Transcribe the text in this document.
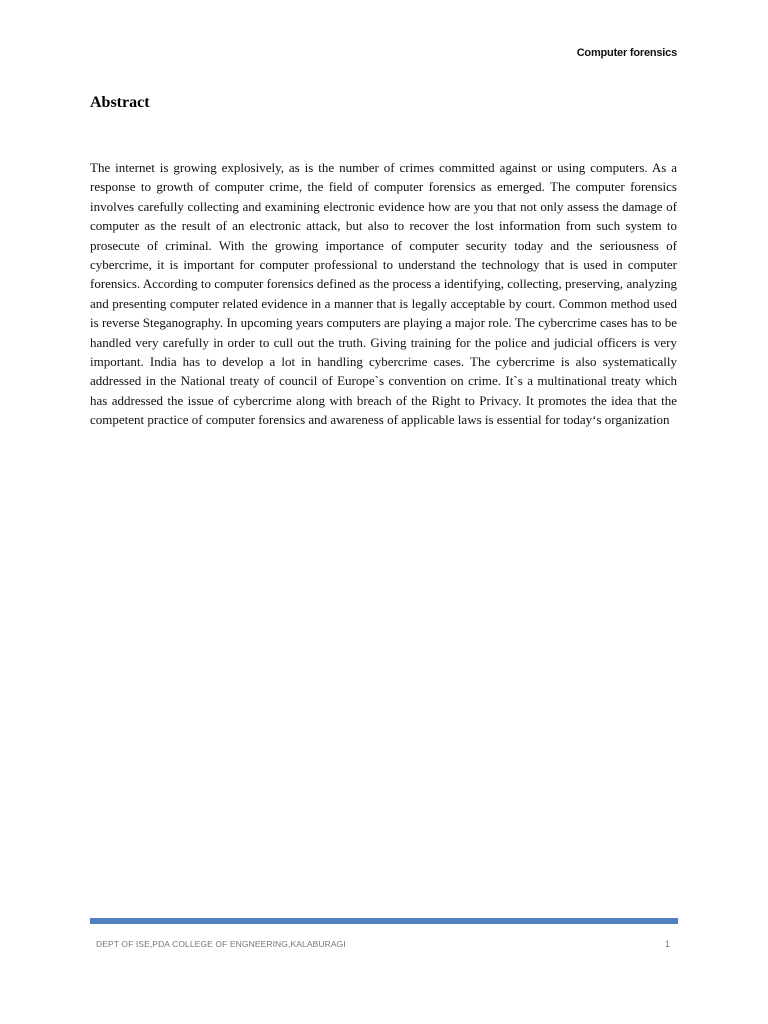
Computer forensics
Abstract

The internet is growing explosively, as is the number of crimes committed against or using computers. As a response to growth of computer crime, the field of computer forensics as emerged. The computer forensics involves carefully collecting and examining electronic evidence how are you that not only assess the damage of computer as the result of an electronic attack, but also to recover the lost information from such system to prosecute of criminal. With the growing importance of computer security today and the seriousness of cybercrime, it is important for computer professional to understand the technology that is used in computer forensics. According to computer forensics defined as the process a identifying, collecting, preserving, analyzing and presenting computer related evidence in a manner that is legally acceptable by court. Common method used is reverse Steganography. In upcoming years computers are playing a major role. The cybercrime cases has to be handled very carefully in order to cull out the truth. Giving training for the police and judicial officers is very important. India has to develop a lot in handling cybercrime cases. The cybercrime is also systematically addressed in the National treaty of council of Europe`s convention on crime. It`s a multinational treaty which has addressed the issue of cybercrime along with breach of the Right to Privacy. It promotes the idea that the competent practice of computer forensics and awareness of applicable laws is essential for today‘s organization

DEPT OF ISE,PDA COLLEGE OF ENGNEERING,KALABURAGI	1
